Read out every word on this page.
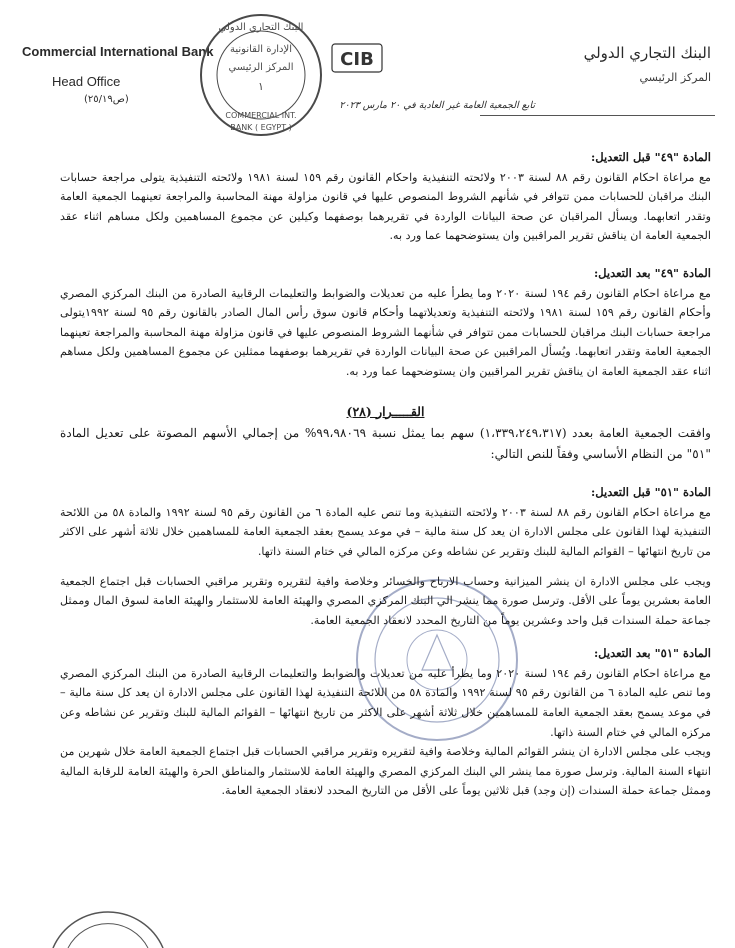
Commercial International Bank
Head Office
(ص٢٥/١٩)
CIB	البنك التجاري الدولي
المركز الرئيسي
تابع الجمعية العامة غير العادية في ٢٠ مارس ٢٠٢٣
الإدارة القانونية
المركز الرئيسي
١
البنك التجاري الدولي
COMMERCIAL INT.
BANK ( EGYPT )
المادة "٤٩" قبل التعديل:

مع مراعاة احكام القانون رقم ٨٨ لسنة ٢٠٠٣ ولائحته التنفيذية واحكام القانون رقم ١٥٩ لسنة ١٩٨١ ولائحته التنفيذية يتولى مراجعة حسابات البنك مراقبان للحسابات ممن تتوافر في شأنهم الشروط المنصوص عليها في قانون مزاولة مهنة المحاسبة والمراجعة تعينهما الجمعية العامة وتقدر اتعابهما. ويسأل المراقبان عن صحة البيانات الواردة في تقريرهما بوصفهما وكيلين عن مجموع المساهمين ولكل مساهم اثناء عقد الجمعية العامة ان يناقش تقرير المراقبين وان يستوضحهما عما ورد به.

المادة "٤٩" بعد التعديل:

مع مراعاة احكام القانون رقم ١٩٤ لسنة ٢٠٢٠ وما يطرأ عليه من تعديلات والضوابط والتعليمات الرقابية الصادرة من البنك المركزي المصري وأحكام القانون رقم ١٥٩ لسنة ١٩٨١ ولائحته التنفيذية وتعديلاتهما وأحكام قانون سوق رأس المال الصادر بالقانون رقم ٩٥ لسنة ١٩٩٢يتولى مراجعة حسابات البنك مراقبان للحسابات ممن تتوافر في شأنهما الشروط المنصوص عليها في قانون مزاولة مهنة المحاسبة والمراجعة تعينهما الجمعية العامة وتقدر اتعابهما. ويُسأل المراقبين عن صحة البيانات الواردة في تقريرهما بوصفهما ممثلين عن مجموع المساهمين ولكل مساهم اثناء عقد الجمعية العامة ان يناقش تقرير المراقبين وان يستوضحهما عما ورد به.

القـــــرار (٢٨)

وافقت الجمعية العامة بعدد (١،٣٣٩،٢٤٩،٣١٧) سهم بما يمثل نسبة ٩٩،٩٨٠٦٩% من إجمالي الأسهم المصوتة على تعديل المادة "٥١" من النظام الأساسي وفقاً للنص التالي:

المادة "٥١" قبل التعديل:

مع مراعاة احكام القانون رقم ٨٨ لسنة ٢٠٠٣ ولائحته التنفيذية وما تنص عليه المادة ٦ من القانون رقم ٩٥ لسنة ١٩٩٢ والمادة ٥٨ من اللائحة التنفيذية لهذا القانون على مجلس الادارة ان يعد كل سنة مالية – في موعد يسمح بعقد الجمعية العامة للمساهمين خلال ثلاثة أشهر على الاكثر من تاريخ انتهائها – القوائم المالية للبنك وتقرير عن نشاطه وعن مركزه المالي في ختام السنة ذاتها.

ويجب على مجلس الادارة ان ينشر الميزانية وحساب الارباح والخسائر وخلاصة وافية لتقريره وتقرير مراقبي الحسابات قبل اجتماع الجمعية العامة بعشرين يوماً على الأقل. وترسل صورة مما ينشر الي البنك المركزي المصري والهيئة العامة للاستثمار والهيئة العامة لسوق المال وممثل جماعة حملة السندات قبل واحد وعشرين يوماً من التاريخ المحدد لانعقاد الجمعية العامة.

المادة "٥١" بعد التعديل:

مع مراعاة احكام القانون رقم ١٩٤ لسنة ٢٠٢٠ وما يطرأ عليه من تعديلات والضوابط والتعليمات الرقابية الصادرة من البنك المركزي المصري وما تنص عليه المادة ٦ من القانون رقم ٩٥ لسنة ١٩٩٢ والمادة ٥٨ من اللائحة التنفيذية لهذا القانون على مجلس الادارة ان يعد كل سنة مالية – في موعد يسمح بعقد الجمعية العامة للمساهمين خلال ثلاثة أشهر على الاكثر من تاريخ انتهائها – القوائم المالية للبنك وتقرير عن نشاطه وعن مركزه المالي في ختام السنة ذاتها.

ويجب على مجلس الادارة ان ينشر القوائم المالية وخلاصة وافية لتقريره وتقرير مراقبي الحسابات قبل اجتماع الجمعية العامة خلال شهرين من انتهاء السنة المالية. وترسل صورة مما ينشر الي البنك المركزي المصري والهيئة العامة للاستثمار والمناطق الحرة والهيئة العامة للرقابة المالية وممثل جماعة حملة السندات (إن وجد) قبل ثلاثين يوماً على الأقل من التاريخ المحدد لانعقاد الجمعية العامة.
